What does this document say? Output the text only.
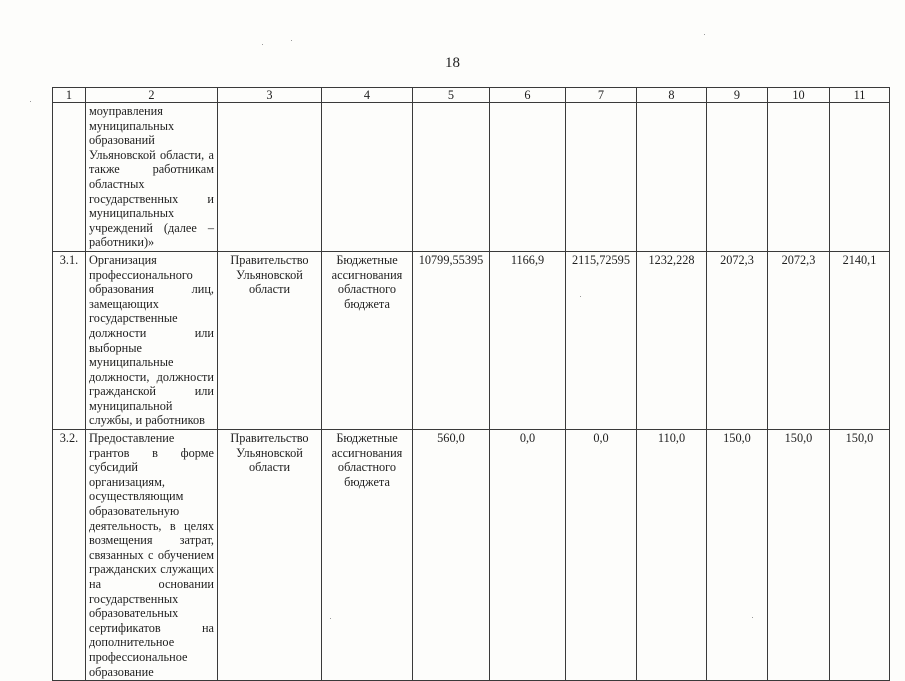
18
1	2	3	4	5	6	7	8	9	10	11
	моуправления муниципальных образований Ульяновской области, а также работникам областных государственных и муниципальных учреждений (далее – работники)»									
3.1.	Организация профессионального образования лиц, замещающих государственные должности или выборные муниципальные должности, должности гражданской или муниципальной службы, и работников	Правительство Ульяновской области	Бюджетные ассигнования областного бюджета	10799,55395	1166,9	2115,72595	1232,228	2072,3	2072,3	2140,1
3.2.	Предоставление грантов в форме субсидий организациям, осуществляющим образовательную деятельность, в целях возмещения затрат, связанных с обучением гражданских служащих на основании государственных образовательных сертификатов на дополнительное профессиональное образование	Правительство Ульяновской области	Бюджетные ассигнования областного бюджета	560,0	0,0	0,0	110,0	150,0	150,0	150,0
